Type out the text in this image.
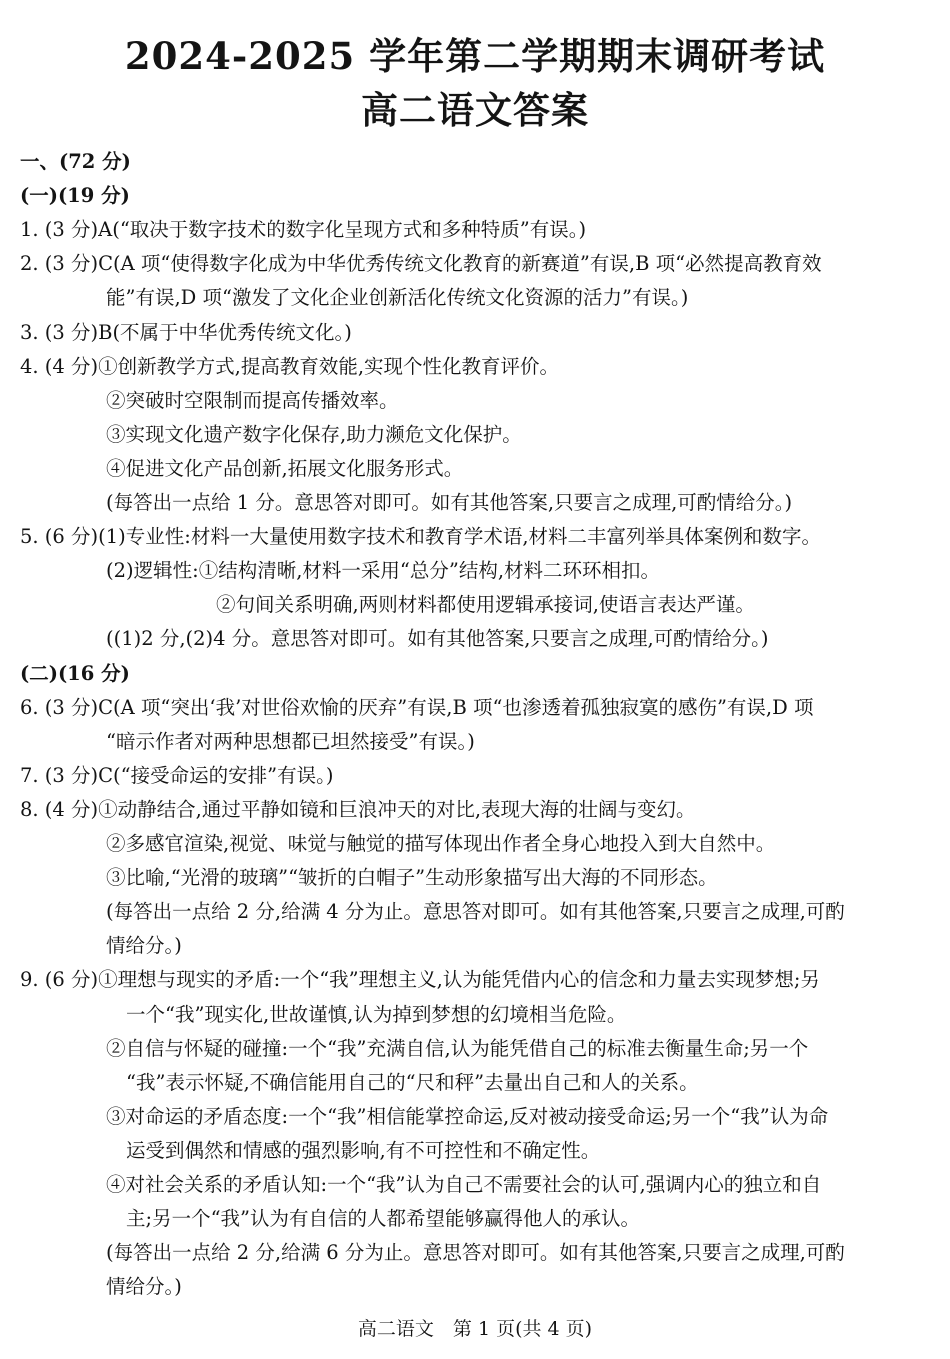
2024-2025 学年第二学期期末调研考试
高二语文答案
一、(72 分)
(一)(19 分)
1. (3 分)A(“取决于数字技术的数字化呈现方式和多种特质”有误。)
2. (3 分)C(A 项“使得数字化成为中华优秀传统文化教育的新赛道”有误,B 项“必然提高教育效
能”有误,D 项“激发了文化企业创新活化传统文化资源的活力”有误。)
3. (3 分)B(不属于中华优秀传统文化。)
4. (4 分)①创新教学方式,提高教育效能,实现个性化教育评价。
②突破时空限制而提高传播效率。
③实现文化遗产数字化保存,助力濒危文化保护。
④促进文化产品创新,拓展文化服务形式。
(每答出一点给 1 分。意思答对即可。如有其他答案,只要言之成理,可酌情给分。)
5. (6 分)(1)专业性:材料一大量使用数字技术和教育学术语,材料二丰富列举具体案例和数字。
(2)逻辑性:①结构清晰,材料一采用“总分”结构,材料二环环相扣。
②句间关系明确,两则材料都使用逻辑承接词,使语言表达严谨。
((1)2 分,(2)4 分。意思答对即可。如有其他答案,只要言之成理,可酌情给分。)
(二)(16 分)
6. (3 分)C(A 项“突出‘我’对世俗欢愉的厌弃”有误,B 项“也渗透着孤独寂寞的感伤”有误,D 项
“暗示作者对两种思想都已坦然接受”有误。)
7. (3 分)C(“接受命运的安排”有误。)
8. (4 分)①动静结合,通过平静如镜和巨浪冲天的对比,表现大海的壮阔与变幻。
②多感官渲染,视觉、味觉与触觉的描写体现出作者全身心地投入到大自然中。
③比喻,“光滑的玻璃”“皱折的白帽子”生动形象描写出大海的不同形态。
(每答出一点给 2 分,给满 4 分为止。意思答对即可。如有其他答案,只要言之成理,可酌
情给分。)
9. (6 分)①理想与现实的矛盾:一个“我”理想主义,认为能凭借内心的信念和力量去实现梦想;另
一个“我”现实化,世故谨慎,认为掉到梦想的幻境相当危险。
②自信与怀疑的碰撞:一个“我”充满自信,认为能凭借自己的标准去衡量生命;另一个
“我”表示怀疑,不确信能用自己的“尺和秤”去量出自己和人的关系。
③对命运的矛盾态度:一个“我”相信能掌控命运,反对被动接受命运;另一个“我”认为命
运受到偶然和情感的强烈影响,有不可控性和不确定性。
④对社会关系的矛盾认知:一个“我”认为自己不需要社会的认可,强调内心的独立和自
主;另一个“我”认为有自信的人都希望能够赢得他人的承认。
(每答出一点给 2 分,给满 6 分为止。意思答对即可。如有其他答案,只要言之成理,可酌
情给分。)
高二语文　第 1 页(共 4 页)
